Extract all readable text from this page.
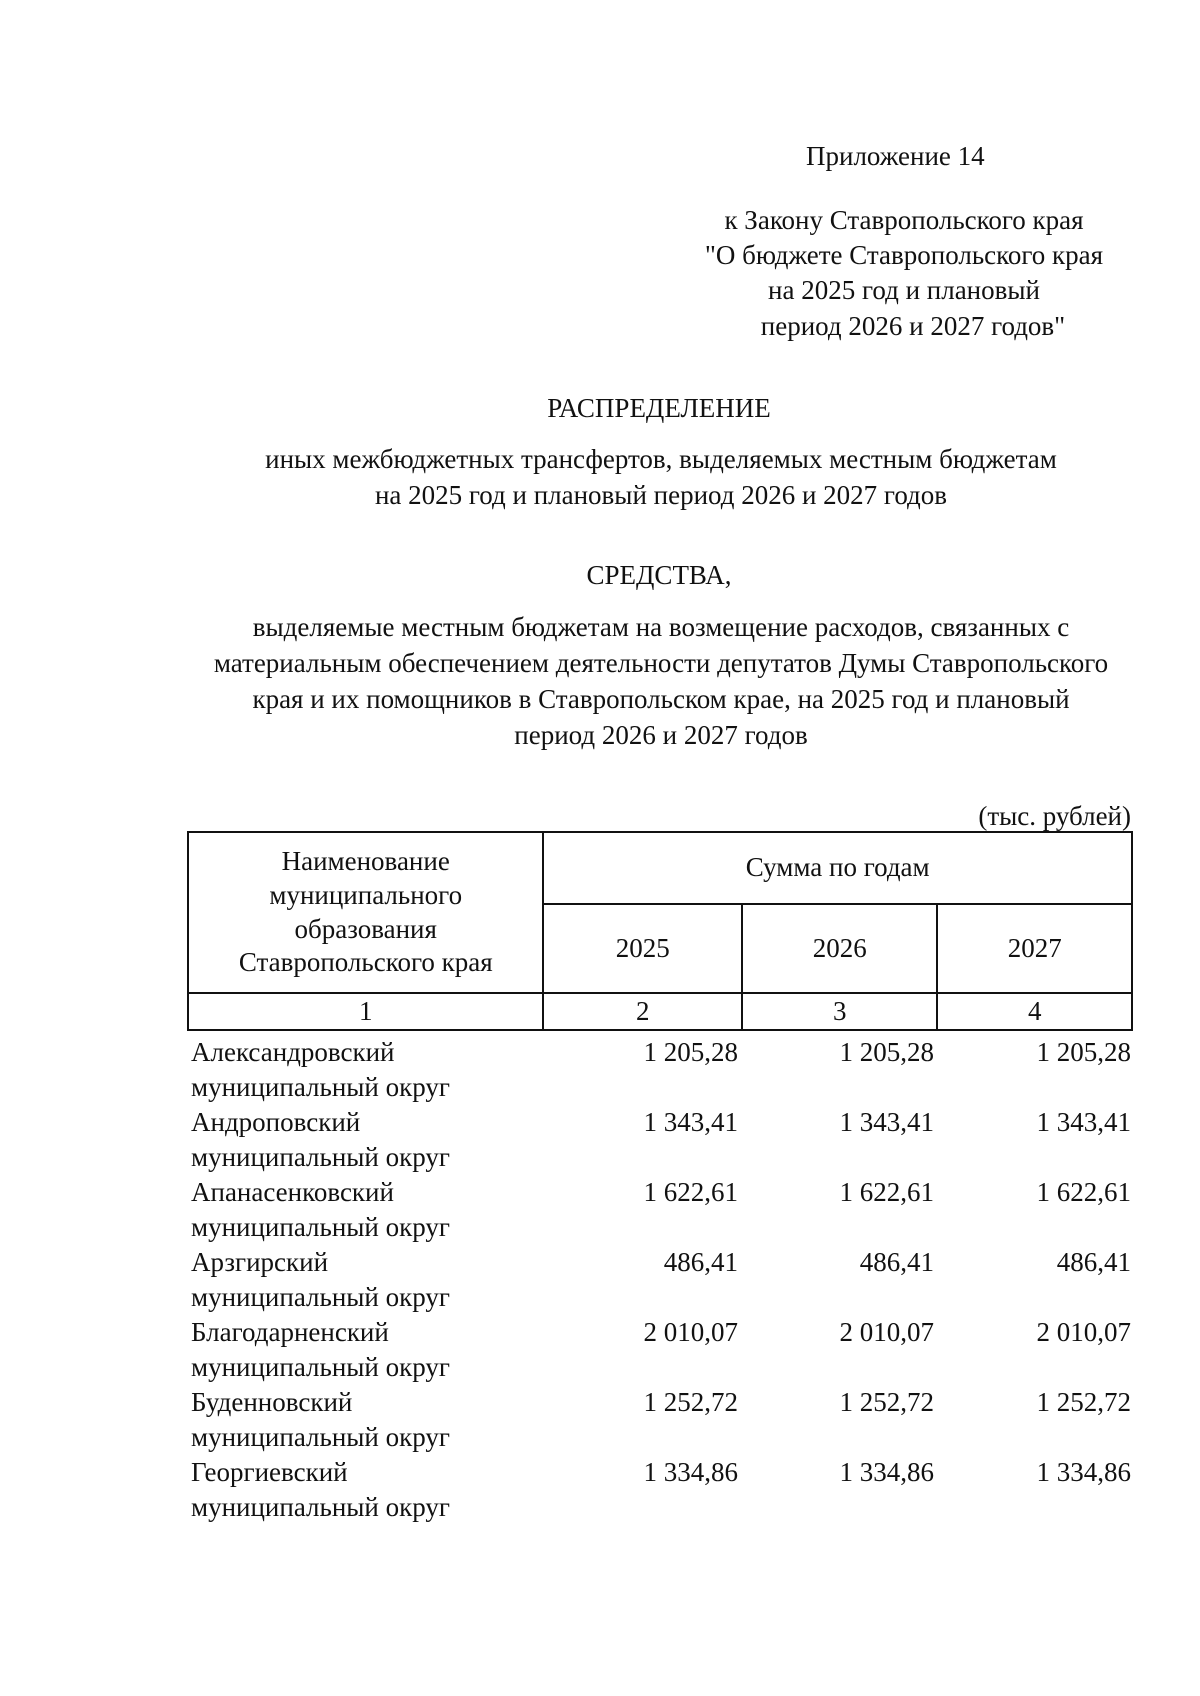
Приложение 14
к Закону Ставропольского края
"О бюджете Ставропольского края
на 2025 год и плановый
период 2026 и 2027 годов"
РАСПРЕДЕЛЕНИЕ
иных межбюджетных трансфертов, выделяемых местным бюджетам
на 2025 год и плановый период 2026 и 2027 годов
СРЕДСТВА,
выделяемые местным бюджетам на возмещение расходов, связанных с
материальным обеспечением деятельности депутатов Думы Ставропольского
края и их помощников в Ставропольском крае, на 2025 год и плановый
период 2026 и 2027 годов
(тыс. рублей)
Наименование
муниципального
образования
Ставропольского края	Сумма по годам		
	2025	2026	2027
1	2	3	4
Александровский
муниципальный округ
1 205,28	1 205,28	1 205,28
Андроповский
муниципальный округ
1 343,41	1 343,41	1 343,41
Апанасенковский
муниципальный округ
1 622,61	1 622,61	1 622,61
Арзгирский
муниципальный округ
486,41	486,41	486,41
Благодарненский
муниципальный округ
2 010,07	2 010,07	2 010,07
Буденновский
муниципальный округ
1 252,72	1 252,72	1 252,72
Георгиевский
муниципальный округ
1 334,86	1 334,86	1 334,86
